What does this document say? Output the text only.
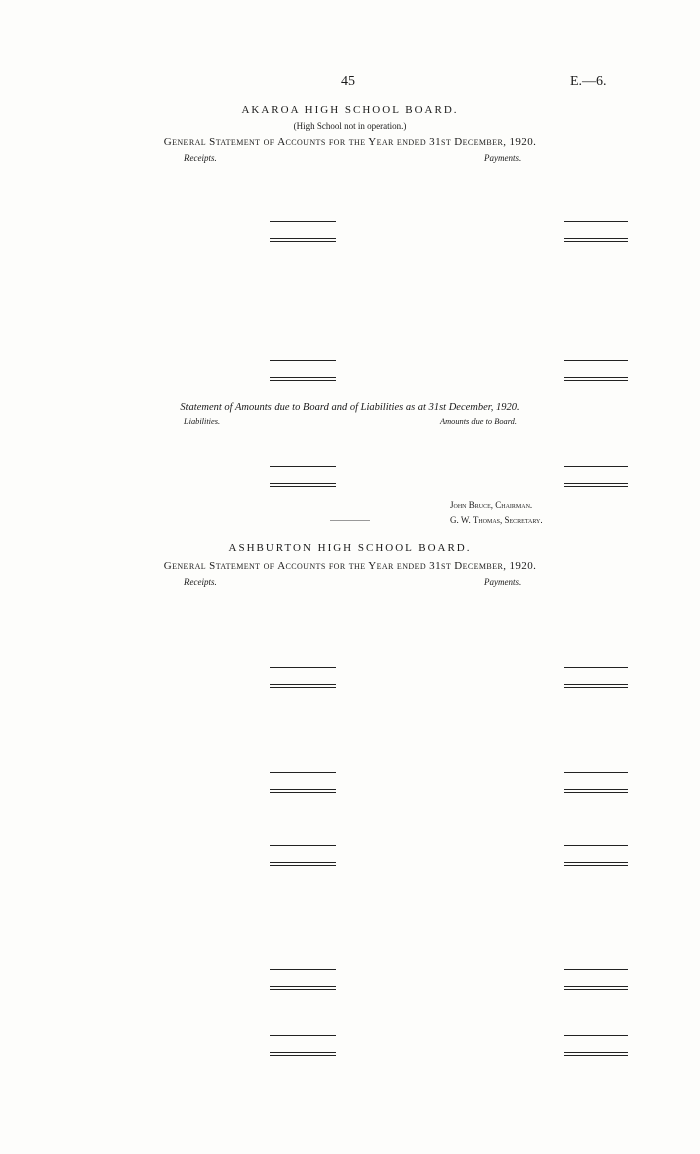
45	E.—6.
AKAROA HIGH SCHOOL BOARD.
(High School not in operation.)
General Statement of Accounts for the Year ended 31st December, 1920.
Receipts.	Payments.
Statement of Amounts due to Board and of Liabilities as at 31st December, 1920.
Liabilities.	Amounts due to Board.
John Bruce, Chairman.
G. W. Thomas, Secretary.
ASHBURTON HIGH SCHOOL BOARD.
General Statement of Accounts for the Year ended 31st December, 1920.
Receipts.	Payments.
